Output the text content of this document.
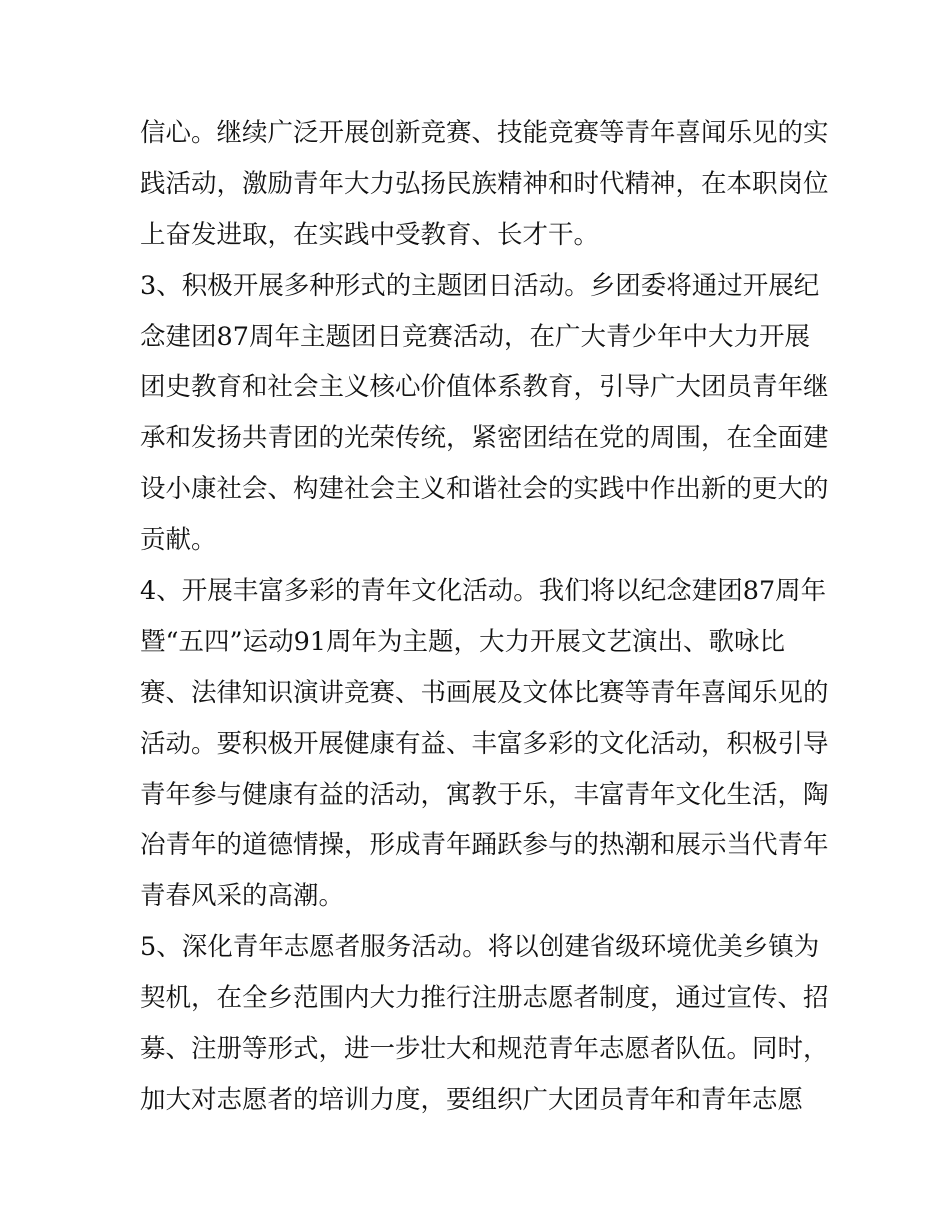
信心。继续广泛开展创新竞赛、技能竞赛等青年喜闻乐见的实
践活动，激励青年大力弘扬民族精神和时代精神，在本职岗位
上奋发进取，在实践中受教育、长才干。
3、积极开展多种形式的主题团日活动。乡团委将通过开展纪
念建团87周年主题团日竞赛活动，在广大青少年中大力开展
团史教育和社会主义核心价值体系教育，引导广大团员青年继
承和发扬共青团的光荣传统，紧密团结在党的周围，在全面建
设小康社会、构建社会主义和谐社会的实践中作出新的更大的
贡献。
4、开展丰富多彩的青年文化活动。我们将以纪念建团87周年
暨“五四”运动91周年为主题，大力开展文艺演出、歌咏比
赛、法律知识演讲竞赛、书画展及文体比赛等青年喜闻乐见的
活动。要积极开展健康有益、丰富多彩的文化活动，积极引导
青年参与健康有益的活动，寓教于乐，丰富青年文化生活，陶
冶青年的道德情操，形成青年踊跃参与的热潮和展示当代青年
青春风采的高潮。
5、深化青年志愿者服务活动。将以创建省级环境优美乡镇为
契机，在全乡范围内大力推行注册志愿者制度，通过宣传、招
募、注册等形式，进一步壮大和规范青年志愿者队伍。同时，
加大对志愿者的培训力度，要组织广大团员青年和青年志愿
